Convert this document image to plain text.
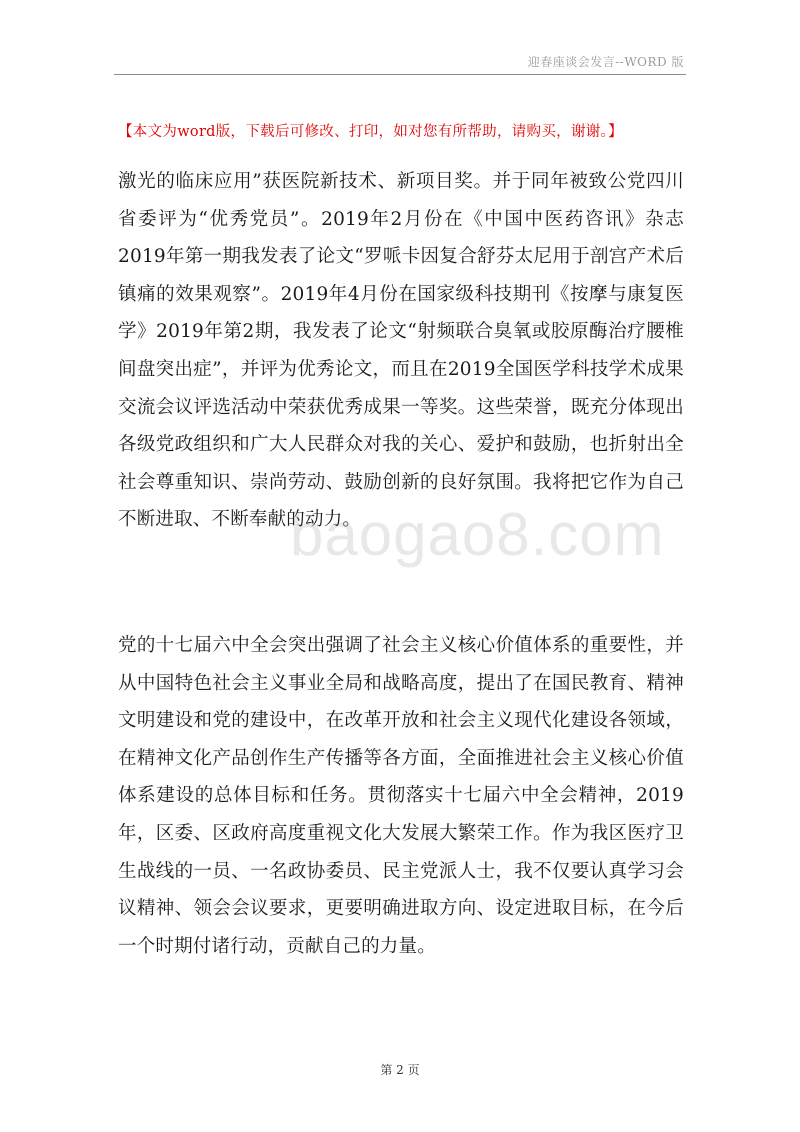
迎春座谈会发言--WORD 版
【本文为word版，下载后可修改、打印，如对您有所帮助，请购买，谢谢。】

激光的临床应用”获医院新技术、新项目奖。并于同年被致公党四川省委评为“优秀党员”。2019年2月份在《中国中医药咨讯》杂志2019年第一期我发表了论文“罗哌卡因复合舒芬太尼用于剖宫产术后镇痛的效果观察”。2019年4月份在国家级科技期刊《按摩与康复医学》2019年第2期，我发表了论文“射频联合臭氧或胶原酶治疗腰椎间盘突出症”，并评为优秀论文，而且在2019全国医学科技学术成果交流会议评选活动中荣获优秀成果一等奖。这些荣誉，既充分体现出各级党政组织和广大人民群众对我的关心、爱护和鼓励，也折射出全社会尊重知识、崇尚劳动、鼓励创新的良好氛围。我将把它作为自己不断进取、不断奉献的动力。

baogao8.com

党的十七届六中全会突出强调了社会主义核心价值体系的重要性，并从中国特色社会主义事业全局和战略高度，提出了在国民教育、精神文明建设和党的建设中，在改革开放和社会主义现代化建设各领域，在精神文化产品创作生产传播等各方面，全面推进社会主义核心价值体系建设的总体目标和任务。贯彻落实十七届六中全会精神，2019年，区委、区政府高度重视文化大发展大繁荣工作。作为我区医疗卫生战线的一员、一名政协委员、民主党派人士，我不仅要认真学习会议精神、领会会议要求，更要明确进取方向、设定进取目标，在今后一个时期付诸行动，贡献自己的力量。

第 2 页
